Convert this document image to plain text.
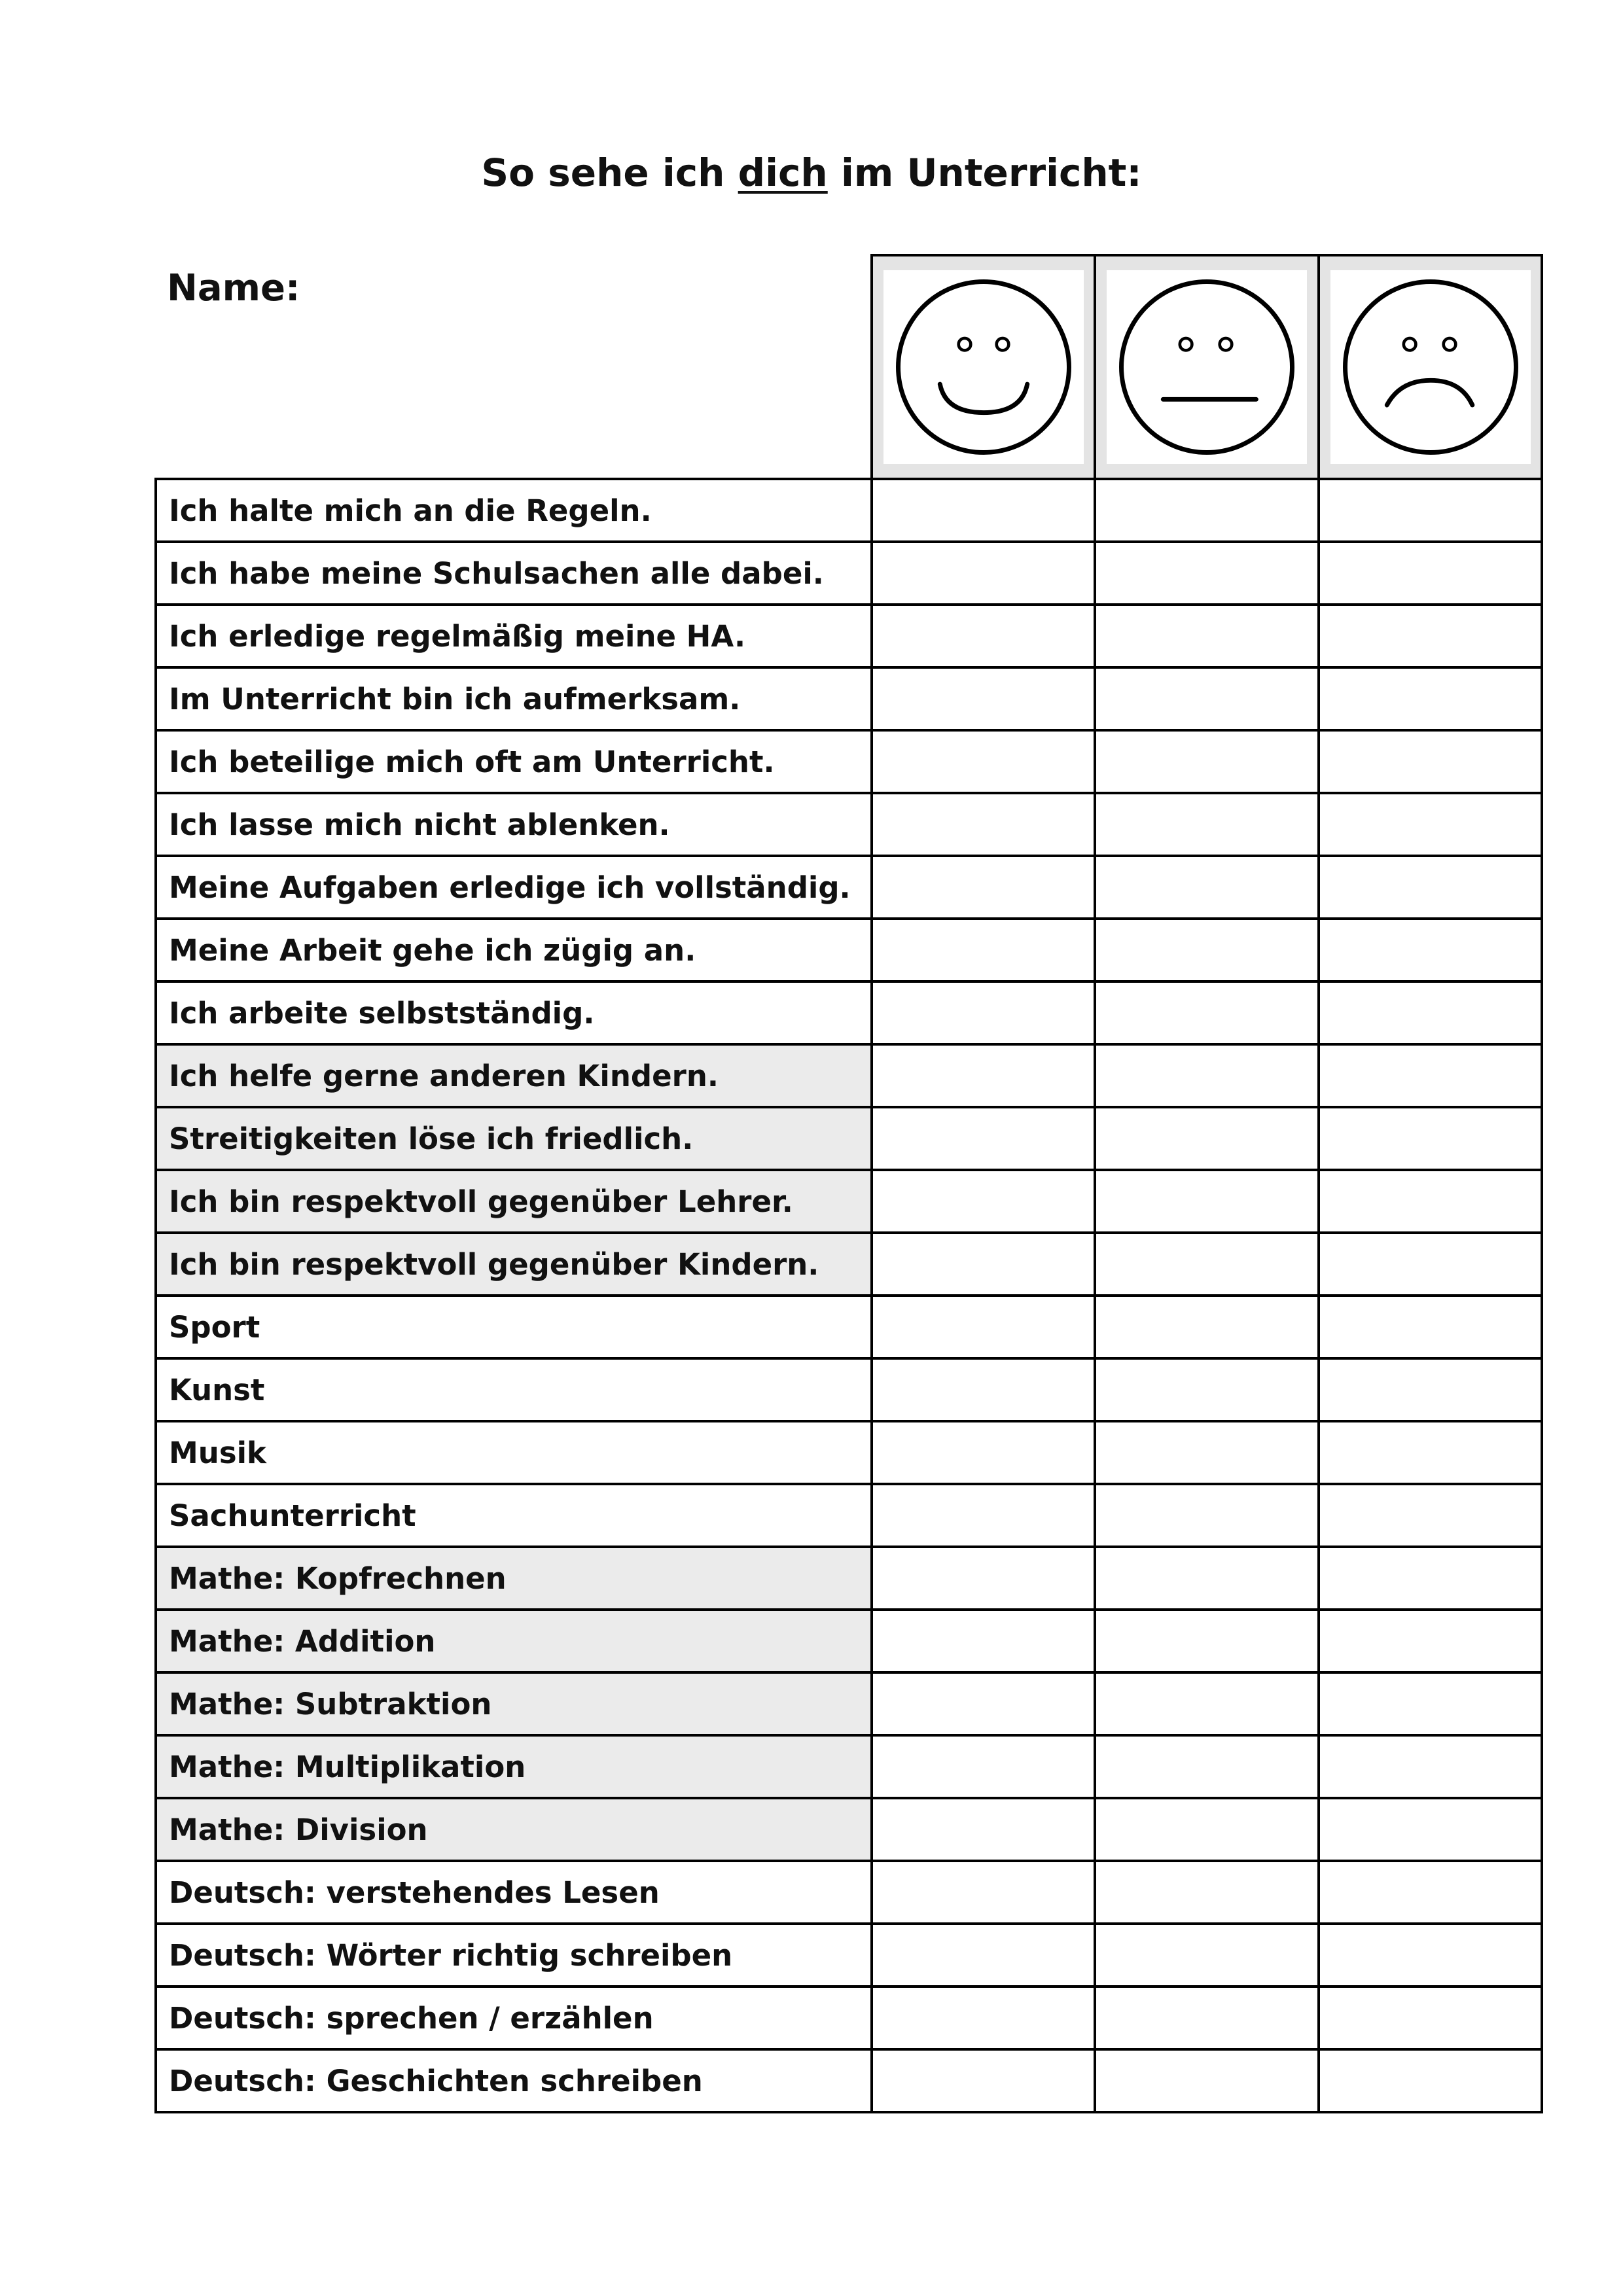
So sehe ich dich im Unterricht:

Ich halte mich an die Regeln.			
Ich habe meine Schulsachen alle dabei.			
Ich erledige regelmäßig meine HA.			
Im Unterricht bin ich aufmerksam.			
Ich beteilige mich oft am Unterricht.			
Ich lasse mich nicht ablenken.			
Meine Aufgaben erledige ich vollständig.			
Meine Arbeit gehe ich zügig an.			
Ich arbeite selbstständig.			
Ich helfe gerne anderen Kindern.			
Streitigkeiten löse ich friedlich.			
Ich bin respektvoll gegenüber Lehrer.			
Ich bin respektvoll gegenüber Kindern.			
Sport			
Kunst			
Musik			
Sachunterricht			
Mathe: Kopfrechnen			
Mathe: Addition			
Mathe: Subtraktion			
Mathe: Multiplikation			
Mathe: Division			
Deutsch: verstehendes Lesen			
Deutsch: Wörter richtig schreiben			
Deutsch: sprechen / erzählen			
Deutsch: Geschichten schreiben			
Name:
